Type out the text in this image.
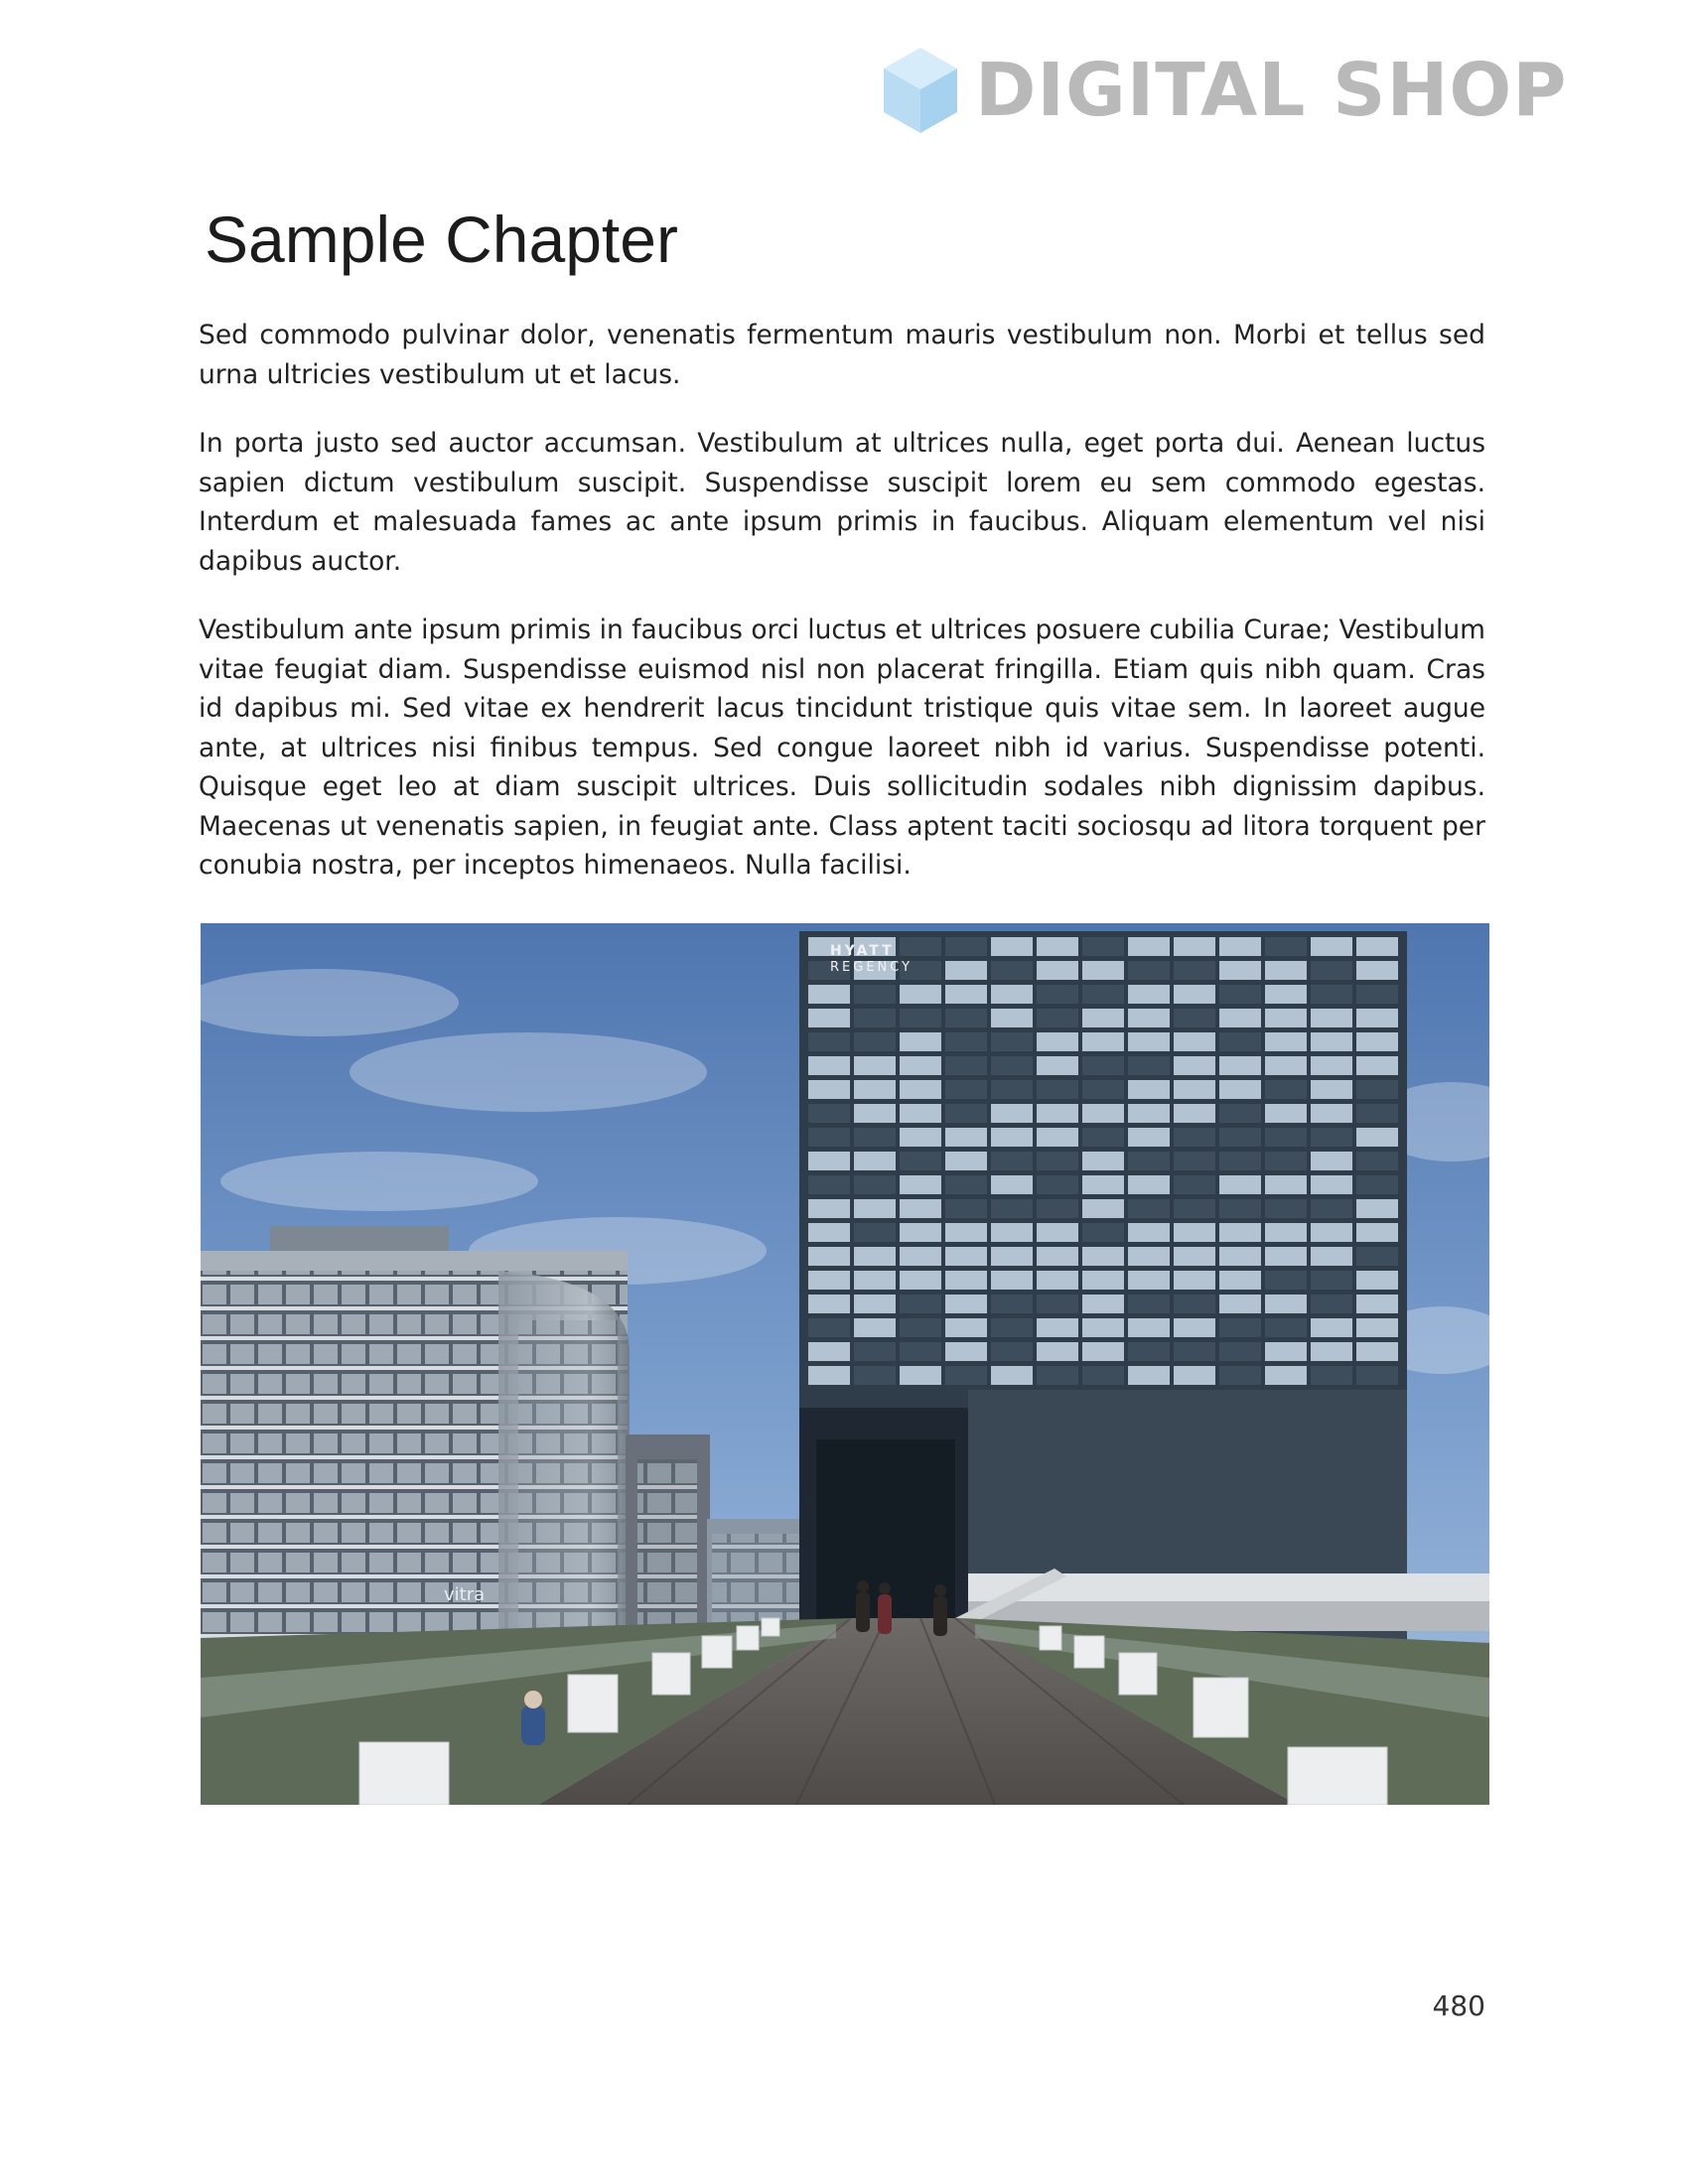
DIGITAL SHOP
Sample Chapter

Sed commodo pulvinar dolor, venenatis fermentum mauris vestibulum non. Morbi et tellus sed urna ultricies vestibulum ut et lacus.

In porta justo sed auctor accumsan. Vestibulum at ultrices nulla, eget porta dui. Aenean luctus sapien dictum vestibulum suscipit. Suspendisse suscipit lorem eu sem commodo egestas. Interdum et malesuada fames ac ante ipsum primis in faucibus. Aliquam elementum vel nisi dapibus auctor.

Vestibulum ante ipsum primis in faucibus orci luctus et ultrices posuere cubilia Curae; Vestibulum vitae feugiat diam. Suspendisse euismod nisl non placerat fringilla. Etiam quis nibh quam. Cras id dapibus mi. Sed vitae ex hendrerit lacus tincidunt tristique quis vitae sem. In laoreet augue ante, at ultrices nisi finibus tempus. Sed congue laoreet nibh id varius. Suspendisse potenti. Quisque eget leo at diam suscipit ultrices. Duis sollicitudin sodales nibh dignissim dapibus. Maecenas ut venenatis sapien, in feugiat ante. Class aptent taciti sociosqu ad litora torquent per conubia nostra, per inceptos himenaeos. Nulla facilisi.

vitra
HYATT
REGENCY
480
